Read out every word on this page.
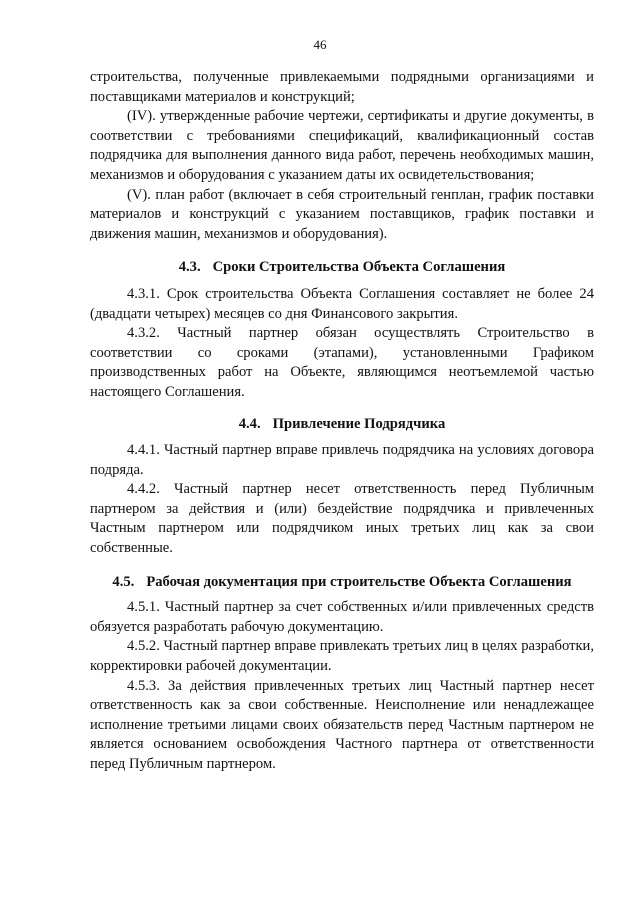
46

строительства, полученные привлекаемыми подрядными организациями и поставщиками материалов и конструкций;

(IV). утвержденные рабочие чертежи, сертификаты и другие документы, в соответствии с требованиями спецификаций, квалификационный состав подрядчика для выполнения данного вида работ, перечень необходимых машин, механизмов и оборудования с указанием даты их освидетельствования;

(V). план работ (включает в себя строительный генплан, график поставки материалов и конструкций с указанием поставщиков, график поставки и движения машин, механизмов и оборудования).

4.3. Сроки Строительства Объекта Соглашения

4.3.1. Срок строительства Объекта Соглашения составляет не более 24 (двадцати четырех) месяцев со дня Финансового закрытия.

4.3.2. Частный партнер обязан осуществлять Строительство в соответствии со сроками (этапами), установленными Графиком производственных работ на Объекте, являющимся неотъемлемой частью настоящего Соглашения.

4.4. Привлечение Подрядчика

4.4.1. Частный партнер вправе привлечь подрядчика на условиях договора подряда.

4.4.2. Частный партнер несет ответственность перед Публичным партнером за действия и (или) бездействие подрядчика и привлеченных Частным партнером или подрядчиком иных третьих лиц как за свои собственные.

4.5. Рабочая документация при строительстве Объекта Соглашения

4.5.1. Частный партнер за счет собственных и/или привлеченных средств обязуется разработать рабочую документацию.

4.5.2. Частный партнер вправе привлекать третьих лиц в целях разработки, корректировки рабочей документации.

4.5.3. За действия привлеченных третьих лиц Частный партнер несет ответственность как за свои собственные. Неисполнение или ненадлежащее исполнение третьими лицами своих обязательств перед Частным партнером не является основанием освобождения Частного партнера от ответственности перед Публичным партнером.
